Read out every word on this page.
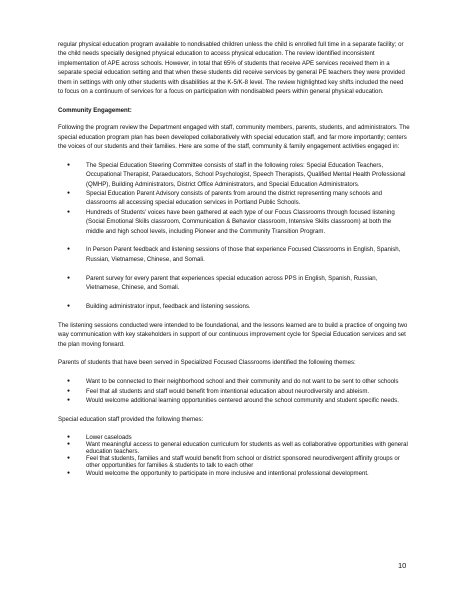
regular physical education program available to nondisabled children unless the child is enrolled full time in a separate facility; or the child needs specially designed physical education to access physical education. The review identified inconsistent implementation of APE across schools. However, in total that 65% of students that receive APE services received them in a separate special education setting and that when these students did receive services by general PE teachers they were provided them in settings with only other students with disabilities at the K-5/K-8 level. The review highlighted key shifts included the need to focus on a continuum of services for a focus on participation with nondisabled peers within general physical education.

Community Engagement:

Following the program review the Department engaged with staff, community members, parents, students, and administrators. The special education program plan has been developed collaboratively with special education staff, and far more importantly; centers the voices of our students and their families. Here are some of the staff, community & family engagement activities engaged in:

● The Special Education Steering Committee consists of staff in the following roles: Special Education Teachers, Occupational Therapist, Paraeducators, School Psychologist, Speech Therapists, Qualified Mental Health Professional (QMHP), Building Administrators, District Office Administrators, and Special Education Administrators.
● Special Education Parent Advisory consists of parents from around the district representing many schools and classrooms all accessing special education services in Portland Public Schools.
● Hundreds of Students' voices have been gathered at each type of our Focus Classrooms through focused listening (Social Emotional Skills classroom, Communication & Behavior classroom, Intensive Skills classroom) at both the middle and high school levels, including Pioneer and the Community Transition Program.
● In Person Parent feedback and listening sessions of those that experience Focused Classrooms in English, Spanish, Russian, Vietnamese, Chinese, and Somali.
● Parent survey for every parent that experiences special education across PPS in English, Spanish, Russian, Vietnamese, Chinese, and Somali.
● Building administrator input, feedback and listening sessions.

The listening sessions conducted were intended to be foundational, and the lessons learned are to build a practice of ongoing two way communication with key stakeholders in support of our continuous improvement cycle for Special Education services and set the plan moving forward.

Parents of students that have been served in Specialized Focused Classrooms identified the following themes:

● Want to be connected to their neighborhood school and their community and do not want to be sent to other schools
● Feel that all students and staff would benefit from intentional education about neurodiversity and ableism.
● Would welcome additional learning opportunities centered around the school community and student specific needs.

Special education staff provided the following themes:

● Lower caseloads
● Want meaningful access to general education curriculum for students as well as collaborative opportunities with general education teachers.
● Feel that students, families and staff would benefit from school or district sponsored neurodivergent affinity groups or other opportunities for families & students to talk to each other
● Would welcome the opportunity to participate in more inclusive and intentional professional development.
10
